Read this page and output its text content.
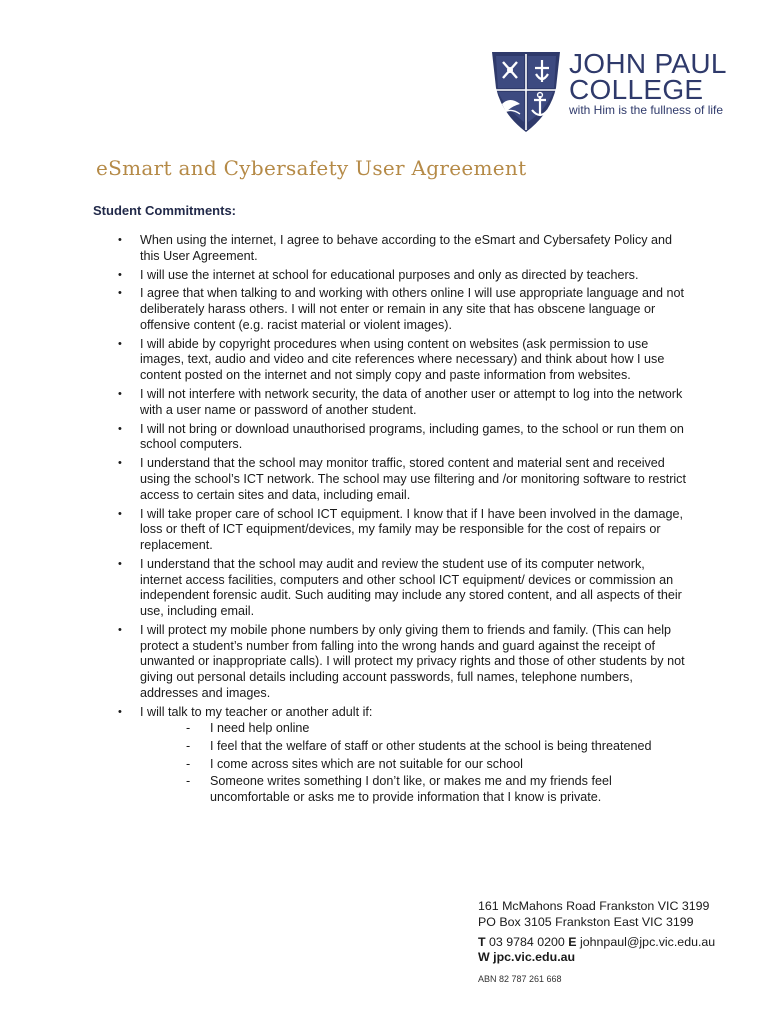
JOHN PAUL
COLLEGE
with Him is the fullness of life
eSmart and Cybersafety User Agreement
Student Commitments:
• When using the internet, I agree to behave according to the eSmart and Cybersafety Policy and this User Agreement.
• I will use the internet at school for educational purposes and only as directed by teachers.
• I agree that when talking to and working with others online I will use appropriate language and not deliberately harass others. I will not enter or remain in any site that has obscene language or offensive content (e.g. racist material or violent images).
• I will abide by copyright procedures when using content on websites (ask permission to use images, text, audio and video and cite references where necessary) and think about how I use content posted on the internet and not simply copy and paste information from websites.
• I will not interfere with network security, the data of another user or attempt to log into the network with a user name or password of another student.
• I will not bring or download unauthorised programs, including games, to the school or run them on school computers.
• I understand that the school may monitor traffic, stored content and material sent and received using the school’s ICT network. The school may use filtering and /or monitoring software to restrict access to certain sites and data, including email.
• I will take proper care of school ICT equipment. I know that if I have been involved in the damage, loss or theft of ICT equipment/devices, my family may be responsible for the cost of repairs or replacement.
• I understand that the school may audit and review the student use of its computer network, internet access facilities, computers and other school ICT equipment/ devices or commission an independent forensic audit. Such auditing may include any stored content, and all aspects of their use, including email.
• I will protect my mobile phone numbers by only giving them to friends and family. (This can help protect a student’s number from falling into the wrong hands and guard against the receipt of unwanted or inappropriate calls). I will protect my privacy rights and those of other students by not giving out personal details including account passwords, full names, telephone numbers, addresses and images.
• I will talk to my teacher or another adult if:
- I need help online
- I feel that the welfare of staff or other students at the school is being threatened
- I come across sites which are not suitable for our school
- Someone writes something I don’t like, or makes me and my friends feel uncomfortable or asks me to provide information that I know is private.
161 McMahons Road Frankston VIC 3199
PO Box 3105 Frankston East VIC 3199
T 03 9784 0200 E johnpaul@jpc.vic.edu.au
W jpc.vic.edu.au
ABN 82 787 261 668
